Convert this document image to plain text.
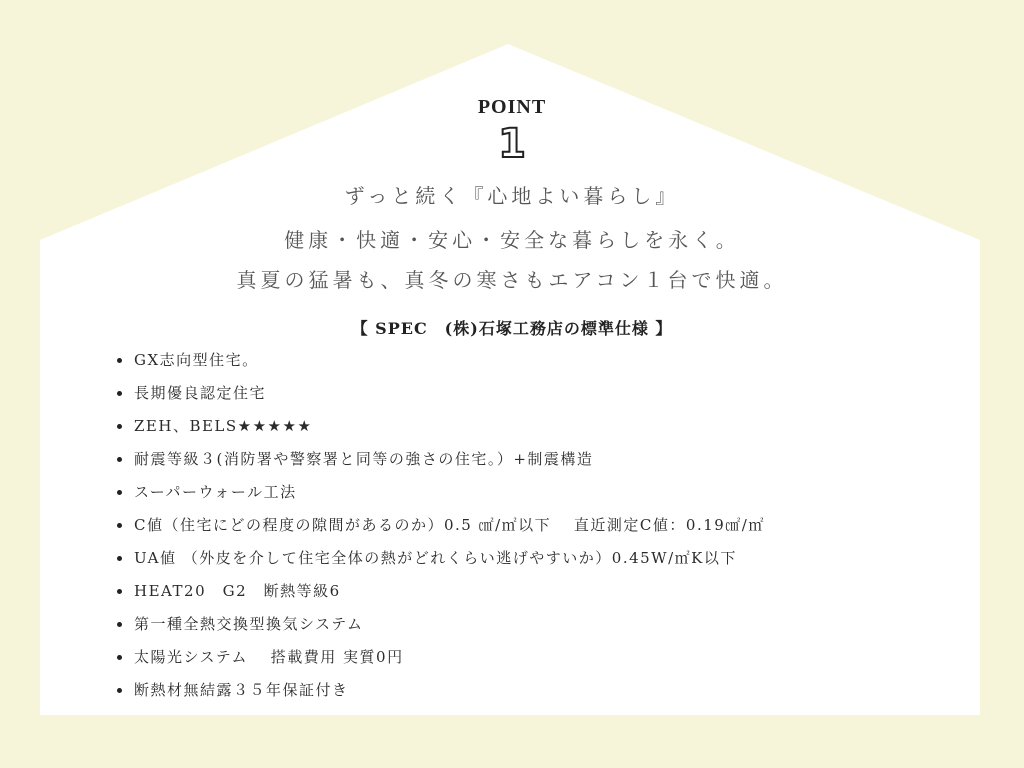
POINT
1
ずっと続く『心地よい暮らし』
健康・快適・安心・安全な暮らしを永く。
真夏の猛暑も、真冬の寒さもエアコン１台で快適。
【 SPEC　(株)石塚工務店の標準仕様 】
GX志向型住宅。
長期優良認定住宅
ZEH、BELS★★★★★
耐震等級３(消防署や警察署と同等の強さの住宅。）+制震構造
スーパーウォール工法
C値（住宅にどの程度の隙間があるのか）0.5 ㎠/㎡以下　 直近測定C値：0.19㎠/㎡
UA値 （外皮を介して住宅全体の熱がどれくらい逃げやすいか）0.45W/㎡K以下
HEAT20　G2　断熱等級6
第一種全熱交換型換気システム
太陽光システム　 搭載費用 実質0円
断熱材無結露３５年保証付き
